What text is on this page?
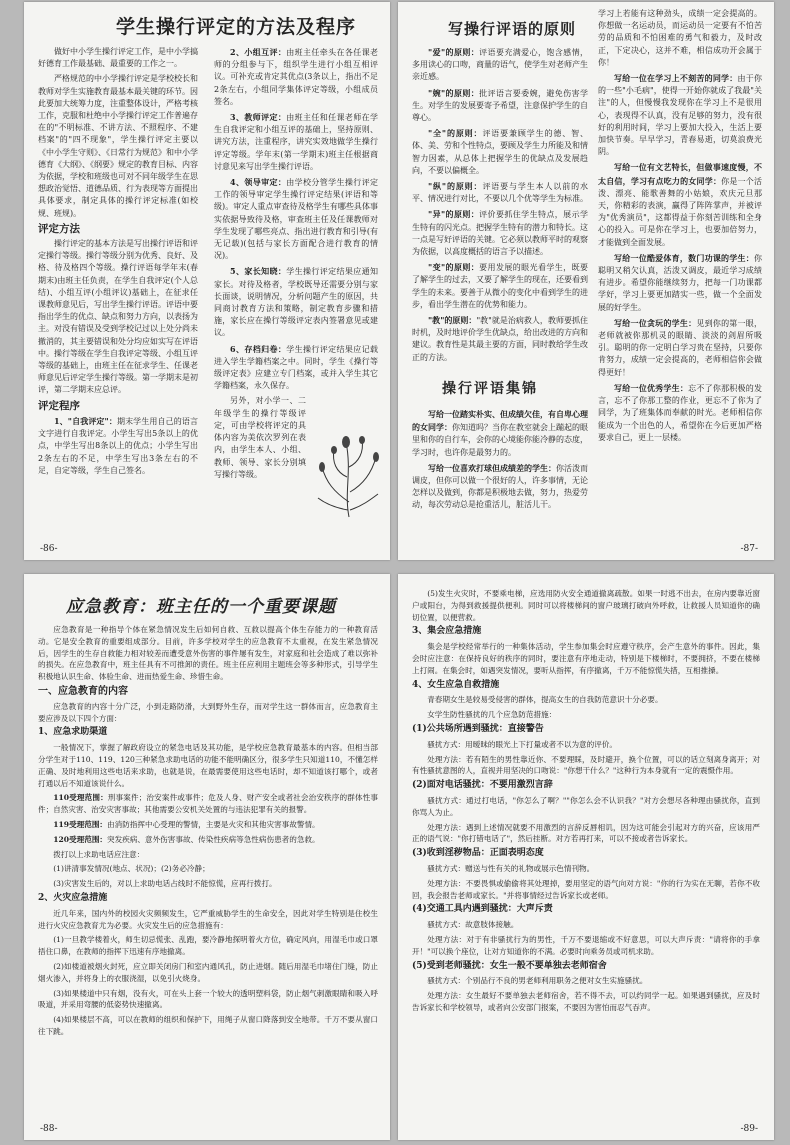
学生操行评定的方法及程序

做好中小学生操行评定工作，是中小学搞好德育工作最基础、最重要的工作之一。

严格规范的中小学操行评定是学校校长和教师对学生实施教育最基本最关键的环节。因此要加大统筹力度，注重整体设计，严格考核工作，克服和杜绝中小学操行评定工作普遍存在的"不明标准、不讲方法、不照程序、不建档案"的"四不现象"，学生操行评定主要以《中小学生守则》、《日常行为规范》和中小学德育《大纲》、《纲要》规定的教育目标、内容为依据，学校和班级也可对不同年级学生在思想政治觉悟、道德品质、行为表现等方面提出具体要求，制定具体的操行评定标准(如校规、班规)。

评定方法

操行评定的基本方法是写出操行评语和评定操行等级。操行等级分别为优秀、良好、及格、待及格四个等级。操行评语每学年末(春期末)由班主任负责，在学生自我评定(个人总结)、小组互评(小组评议)基础上，在征求任课教师意见后，写出学生操行评语。评语中要指出学生的优点、缺点和努力方向，以表扬为主。对没有错误及受到学校记过以上处分尚未撤消的，其主要错误和处分均应如实写在评语中。操行等级在学生自我评定等级、小组互评等级的基础上，由班主任在征求学生、任课老师意见后评定学生操行等级。第一学期末是初评，第二学期末应总评。

评定程序

1、"自我评定"：期末学生用自己的语言文字进行自我评定。小学生写出5条以上的优点，中学生写出8条以上的优点；小学生写出2条左右的不足，中学生写出3条左右的不足，自定等级，学生自己签名。

2、小组互评：由班主任牵头在各任课老师的分组参与下，组织学生进行小组互相评议。可补充或肯定其优点(3条以上，指出不足2条左右，小组同学集体评定等级，小组成员签名。

3、教师评定：由班主任和任课老师在学生自我评定和小组互评的基础上，坚持原则、讲究方法，注重程序，讲究实效地做学生操行评定等级。学年末(第一学期末)班主任根据商讨意见来写出学生操行评语。

4、领导审定：由学校分管学生操行评定工作的领导审定学生操行评定结果(评语和等级)。审定人重点审查待及格学生有哪些具体事实依据导致待及格，审查班主任及任课教师对学生发现了哪些亮点、指出进行教育和引导(有无记载)(包括与家长方面配合进行教育的情况)。

5、家长知晓：学生操行评定结果应通知家长。对待及格者，学校既导还需要分别与家长面谈，说明情况，分析问题产生的原因，共同商讨教育方法和策略，制定教育步骤和措施，家长应在操行等级评定表内签署意见或建议。

6、存档归卷：学生操行评定结果应记载进入学生学籍档案之中。同时，学生《操行等级评定表》应建立专门档案，或并入学生其它学籍档案，永久保存。

另外，对小学一、二年级学生的操行等级评定，可由学校将评定的具体内容为美依次罗列在表内，由学生本人、小组、教师、领导、家长分别填写操行等级。

-86-
写操行评语的原则

"爱"的原则：评语要充满爱心，饱含感情，多用读心的口吻，商量的语气，使学生对老师产生亲近感。

"婉"的原则：批评语言要委婉，避免伤害学生。对学生的发展要寄予希望，注意保护学生的自尊心。

"全"的原则：评语要兼顾学生的德、智、体、美、劳和个性特点，要顾及学生力所能及和情智力因素，从总体上把握学生的优缺点及发展趋向，不要以偏概全。

"纵"的原则：评语要与学生本人以前的水平、情况进行对比，不要以几个优等学生为标准。

"异"的原则：评价要抓住学生特点，展示学生特有的闪光点。把握学生特有的潜力和特长。这一点是写好评语的关键。它必须以教师平时的观察为依据，以高度概括的语言予以描述。

"变"的原则：要用发展的眼光看学生，既要了解学生的过去，又要了解学生的现在，还要看到学生的未来。要善于从微小的变化中看到学生的进步，看出学生潜在的优势和能力。

"教"的原则："教"就是治病救人，教师要抓住时机，及时地评价学生优缺点，给出改进的方向和建议。教育性是其最主要的方面，同时教给学生改正的方法。

操行评语集锦

写给一位踏实朴实、但成绩欠佳，有自卑心理的女同学：你知道吗？当你在教室就会上蹦起的眼里和你的自行车，会你的心境能你能冷静的态度，学习时，也许你是最努力的。

写给一位喜欢打球但成绩差的学生：你活泼而调皮，但你可以做一个很好的人，许多事情，无论怎样以及做到，你都是积极地去做，努力，热爱劳动，每次劳动总是抢重活儿，脏活儿干。

学习上若能有这种劲头，成绩一定会提高的。你想做一名运动员，而运动员一定要有不怕苦劳的品质和不怕困难的勇气和毅力，及时改正，下定决心，这并不难，相信成功开会属于你！

写给一位在学习上不刻苦的同学：由于你的一些"小毛病"，使得一开始你就成了我最"关注"的人，但慢慢我发现你在学习上不是很用心，表现得不认真，没有足够的努力，没有很好的利用时间，学习上要加大投入，生活上要加快节奏。早早学习，青春易逝，切莫浪费光阴。

写给一位有文艺特长，但做事速度慢，不太自信，学习有点吃力的女同学：你是一个活泼、漂亮、能歌善舞的小姑娘，欢庆元旦那天，你精彩的表演，赢得了阵阵掌声，并被评为"优秀演员"，这都得益于你刻苦训练和全身心的投入。可是你在学习上，也要加倍努力，才能做到全面发展。

写给一位酷爱体育，数门功课的学生：你聪明又稍欠认真，活泼又调皮，最近学习成绩有进步。希望你能继续努力，把每一门功课都学好，学习上要更加踏实一些，做一个全面发展的好学生。

写给一位贪玩的学生：见到你的第一眼，老师就被你那机灵的眼睛、淡淡的剑眉所吸引。聪明的你一定明白学习贵在坚持，只要你肯努力，成绩一定会提高的，老师相信你会做得更好！

写给一位优秀学生：忘不了你那积极的发言，忘不了你那工整的作业，更忘不了你为了同学，为了班集体而奉献的时光。老师相信你能成为一个出色的人，希望你在今后更加严格要求自己，更上一层楼。

-87-
应急教育：班主任的一个重要课题

应急教育是一种指导个体在紧急情况发生后如何自救、互救以提高个体生存能力的一种教育活动。它是安全教育的重要组成部分。目前，许多学校对学生的应急教育不太重视，在发生紧急情况后，因学生的生存自救能力相对较差而遭受意外伤害的事件屡有发生，对家庭和社会造成了难以弥补的损失。在应急教育中，班主任具有不可推卸的责任。班主任应利用主题班会等多种形式，引导学生积极地认识生命、体验生命、进而热爱生命、珍惜生命。

一、应急教育的内容

应急教育的内容十分广泛，小到走路防滑，大到野外生存，而对学生这一群体而言，应急教育主要应涉及以下四个方面：

1、应急求助渠道

一般情况下，掌握了解政府设立的紧急电话及其功能，是学校应急教育最基本的内容。但相当部分学生对于110、119、120三种紧急求助电话的功能不能明确区分，很多学生只知道110，不懂怎样正确、及时地利用这些电话来求助，也就是说，在最需要使用这些电话时，却不知道该打哪个，或者打通以后不知道该说什么。

110受理范围：刑事案件；治安案件或事件；危及人身、财产安全或者社会治安秩序的群体性事件；自然灾害、治安灾害事故；其他需要公安机关处置的与违法犯罪有关的报警。

119受理范围：由消防指挥中心受理的警情，主要是火灾和其他灾害事故警情。

120受理范围：突发疾病、意外伤害事故、传染性疾病等急性病伤患者的急救。

拨打以上求助电话应注意：

(1)讲清事发情况(地点、状况)；(2)务必冷静；

(3)灾害发生后的，对以上求助电话占线时不能惊慌，应再行拨打。

2、火灾应急措施

近几年来，国内外的校园火灾频频发生，它严重威胁学生的生命安全，因此对学生特别是住校生进行火灾应急教育尤为必要。火灾发生后的应急措施有：

(1)一旦教学楼着火，师生切忌慌张、乱跑，要冷静地探明着火方位，确定风向，用湿毛巾或口罩捂住口鼻，在教师的指挥下迅速有序地撤离。

(2)如楼道被烟火封死，应立即关闭房门和室内通风孔，防止进烟。随后用湿毛巾堵住门缝，防止烟火渗入，并将身上的衣服浇湿，以免引火烧身。

(3)如果楼道中只有烟，没有火，可在头上套一个较大的透明塑料袋，防止烟气刺激眼睛和吸入呼吸道，并采用弯腰的低姿势快速撤离。

(4)如果楼层不高，可以在教师的组织和保护下，用绳子从窗口降落到安全地带。千万不要从窗口往下跳。

-88-

(5)发生火灾时，不要乘电梯，应选用防火安全通道撤离疏散。如果一时逃不出去，在房内要靠近窗户或阳台，为得到救援提供便利。同时可以将楼梯间的窗户玻璃打破向外呼救，让救援人员知道你的确切位置，以便营救。

3、集会应急措施

集会是学校经常举行的一种集体活动，学生参加集会时应遵守秩序，会产生意外的事件。因此，集会时应注意：在保持良好的秩序的同时，要注意有序地走动，特别是下楼梯时，不要拥挤，不要在楼梯上打闹。在集会时，如遇突发情况，要听从指挥，有序撤离，千万不能惊慌失措，互相推搡。

4、女生应急自救措施

青春期女生是较易受侵害的群体，提高女生的自我防范意识十分必要。

女学生防性骚扰的几个应急防范措施：

(1)公共场所遇到骚扰：直接警告

骚扰方式：用暧昧的眼光上下打量或者不以为意的评价。

处理方法：若有陌生的男性靠近你、不要理睬，及时避开，换个位置，可以的话立刻离身离开；对有性骚扰意图的人，直视并用坚决的口吻说："你想干什么？"这种行为本身就有一定的震慑作用。

(2)面对电话骚扰：不要用激烈言辞

骚扰方式：通过打电话，"你怎么了啊？""你怎么会不认识我？"对方会想尽各种理由骚扰你，直到你骂人为止。

处理方法：遇到上述情况就要不用激烈的言辞反唇相讥，因为这可能会引起对方的兴奋，应该用严正的语气说："你打错电话了"，然后挂断。对方若再打来，可以不接或者告诉家长。

(3)收到淫秽物品：正面表明态度

骚扰方式：赠送与性有关的礼物或展示色情刊物。

处理方法：不要畏惧或偷偷将其处理掉，要用坚定的语气向对方说："你的行为实在无聊，若你不收回，我会报告老师或家长。"并将事情经过告诉家长或老师。

(4)交通工具内遇到骚扰：大声斥责

骚扰方式：故意肢体接触。

处理方法：对于有非骚扰行为的男性，千万不要退缩或不好意思，可以大声斥责："请将你的手拿开！"可以换个座位，让对方知道你的不满。必要时向乘务员或司机求助。

(5)受到老师骚扰：女生一般不要单独去老师宿舍

骚扰方式：个别品行不良的男老师利用职务之便对女生实施骚扰。

处理方法：女生最好不要单独去老师宿舍，若不得不去，可以约同学一起。如果遇到骚扰，应及时告诉家长和学校领导，或者向公安部门报案，不要因为害怕而忍气吞声。

-89-
